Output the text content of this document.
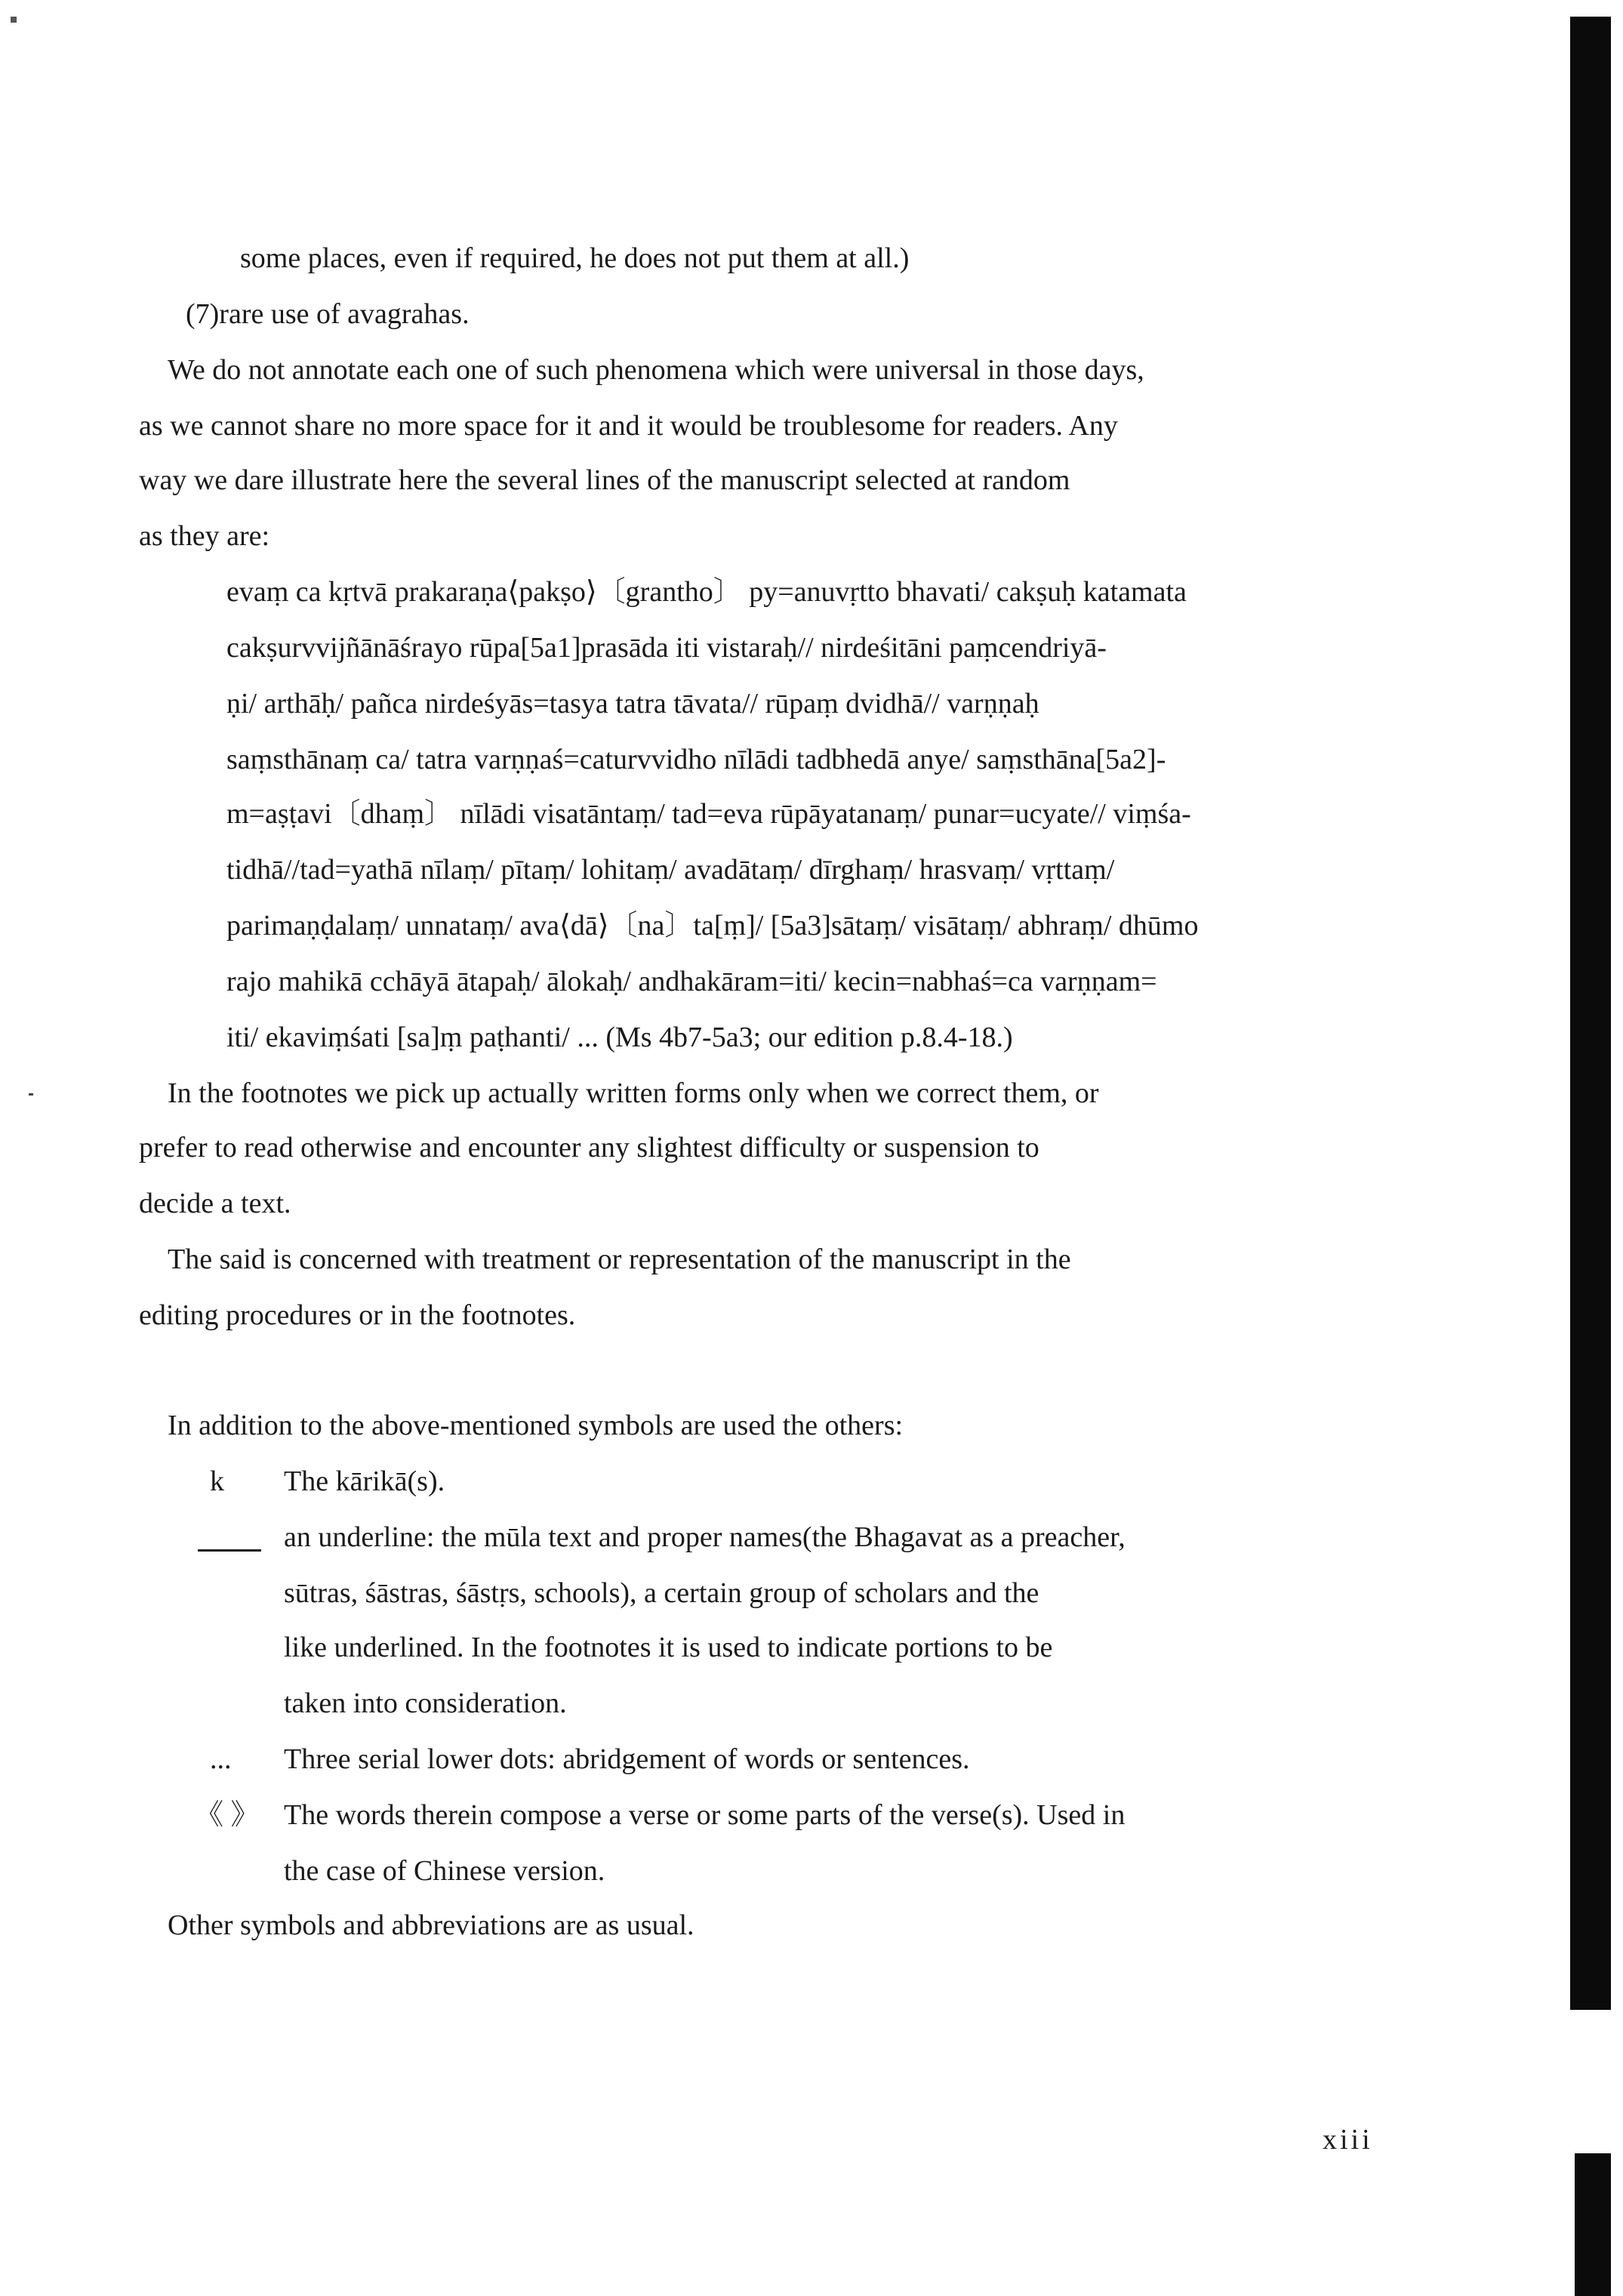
some places, even if required, he does not put them at all.)
(7)rare use of avagrahas.
We do not annotate each one of such phenomena which were universal in those days,
as we cannot share no more space for it and it would be troublesome for readers. Any
way we dare illustrate here the several lines of the manuscript selected at random
as they are:
evaṃ ca kṛtvā prakaraṇa⟨pakṣo⟩〔grantho〕 py=anuvṛtto bhavati/ cakṣuḥ katamata
cakṣurvvijñānāśrayo rūpa[5a1]prasāda iti vistaraḥ// nirdeśitāni paṃcendriyā-
ṇi/ arthāḥ/ pañca nirdeśyās=tasya tatra tāvata// rūpaṃ dvidhā// varṇṇaḥ
saṃsthānaṃ ca/ tatra varṇṇaś=caturvvidho nīlādi tadbhedā anye/ saṃsthāna[5a2]-
m=aṣṭavi〔dhaṃ〕 nīlādi visatāntaṃ/ tad=eva rūpāyatanaṃ/ punar=ucyate// viṃśa-
tidhā//tad=yathā nīlaṃ/ pītaṃ/ lohitaṃ/ avadātaṃ/ dīrghaṃ/ hrasvaṃ/ vṛttaṃ/
parimaṇḍalaṃ/ unnataṃ/ ava⟨dā⟩〔na〕ta[ṃ]/ [5a3]sātaṃ/ visātaṃ/ abhraṃ/ dhūmo
rajo mahikā cchāyā ātapaḥ/ ālokaḥ/ andhakāram=iti/ kecin=nabhaś=ca varṇṇam=
iti/ ekaviṃśati [sa]ṃ paṭhanti/ ... (Ms 4b7-5a3; our edition p.8.4-18.)
In the footnotes we pick up actually written forms only when we correct them, or
prefer to read otherwise and encounter any slightest difficulty or suspension to
decide a text.
The said is concerned with treatment or representation of the manuscript in the
editing procedures or in the footnotes.
In addition to the above-mentioned symbols are used the others:
k The kārikā(s).
an underline: the mūla text and proper names(the Bhagavat as a preacher,
sūtras, śāstras, śāstṛs, schools), a certain group of scholars and the
like underlined. In the footnotes it is used to indicate portions to be
taken into consideration.
... Three serial lower dots: abridgement of words or sentences.
《 》 The words therein compose a verse or some parts of the verse(s). Used in
the case of Chinese version.
Other symbols and abbreviations are as usual.
xiii
